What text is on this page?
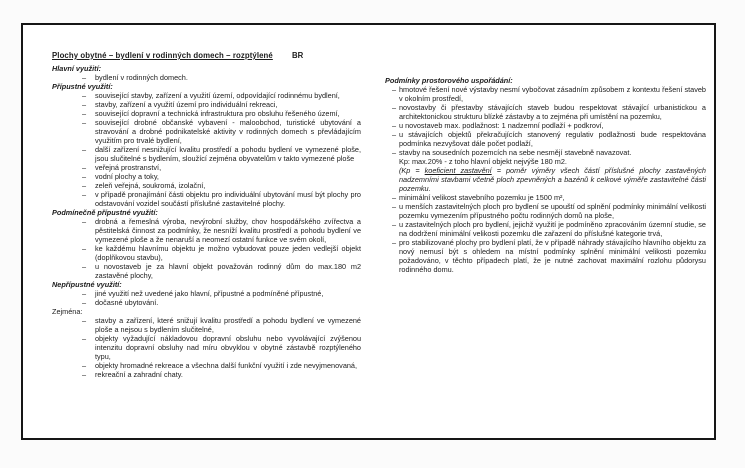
Plochy obytné – bydlení v rodinných domech – rozptýlené BR
Hlavní využití:
– bydlení v rodinných domech.
Přípustné využití:
– související stavby, zařízení a využití území, odpovídající rodinnému bydlení,
– stavby, zařízení a využití území pro individuální rekreaci,
– související dopravní a technická infrastruktura pro obsluhu řešeného území,
– související drobné občanské vybavení - maloobchod, turistické ubytování a stravování a drobné podnikatelské aktivity v rodinných domech s převládajícím využitím pro trvalé bydlení,
– další zařízení nesnižující kvalitu prostředí a pohodu bydlení ve vymezené ploše, jsou slučitelné s bydlením, sloužící zejména obyvatelům v takto vymezené ploše
– veřejná prostranství,
– vodní plochy a toky,
– zeleň veřejná, soukromá, izolační,
– v případě pronajímání části objektu pro individuální ubytování musí být plochy pro odstavování vozidel součástí příslušné zastavitelné plochy.
Podmínečně přípustné využití:
– drobná a řemeslná výroba, nevýrobní služby, chov hospodářského zvířectva a pěstitelská činnost za podmínky, že nesníží kvalitu prostředí a pohodu bydlení ve vymezené ploše a že nenaruší a neomezí ostatní funkce ve svém okolí,
– ke každému hlavnímu objektu je možno vybudovat pouze jeden vedlejší objekt (doplňkovou stavbu),
– u novostaveb je za hlavní objekt považován rodinný dům do max.180 m2 zastavěné plochy,
Nepřípustné využití:
– jiné využití než uvedené jako hlavní, přípustné a podmíněné přípustné,
– dočasné ubytování.
Zejména:
– stavby a zařízení, které snižují kvalitu prostředí a pohodu bydlení ve vymezené ploše a nejsou s bydlením slučitelné,
– objekty vyžadující nákladovou dopravní obsluhu nebo vyvolávající zvýšenou intenzitu dopravní obsluhy nad míru obvyklou v obytné zástavbě rozptýleného typu,
– objekty hromadné rekreace a všechna další funkční využití i zde nevyjmenovaná,
– rekreační a zahradní chaty.
Podmínky prostorového uspořádání:
– hmotové řešení nové výstavby nesmí vybočovat zásadním způsobem z kontextu řešení staveb v okolním prostředí,
– novostavby či přestavby stávajících staveb budou respektovat stávající urbanistickou a architektonickou strukturu blízké zástavby a to zejména při umístění na pozemku,
– u novostaveb max. podlažnost: 1 nadzemní podlaží + podkroví,
– u stávajících objektů překračujících stanovený regulativ podlažnosti bude respektována podmínka nezvyšovat dále počet podlaží,
– stavby na sousedních pozemcích na sebe nesmějí stavebně navazovat.
Kp: max.20% - z toho hlavní objekt nejvýše 180 m2.
(Kp = koeficient zastavění = poměr výměry všech částí příslušné plochy zastavěných nadzemními stavbami včetně ploch zpevněných a bazénů k celkové výměře zastavitelné části pozemku.
– minimální velikost stavebního pozemku je 1500 m²,
– u menších zastavitelných ploch pro bydlení se upouští od splnění podmínky minimální velikosti pozemku vymezením přípustného počtu rodinných domů na ploše,
– u zastavitelných ploch pro bydlení, jejichž využití je podmíněno zpracováním územní studie, se na dodržení minimální velikosti pozemku dle zařazení do příslušné kategorie trvá,
– pro stabilizované plochy pro bydlení platí, že v případě náhrady stávajícího hlavního objektu za nový nemusí být s ohledem na místní podmínky splnění minimální velikosti pozemku požadováno, v těchto případech platí, že je nutné zachovat maximální rozlohu půdorysu rodinného domu.
